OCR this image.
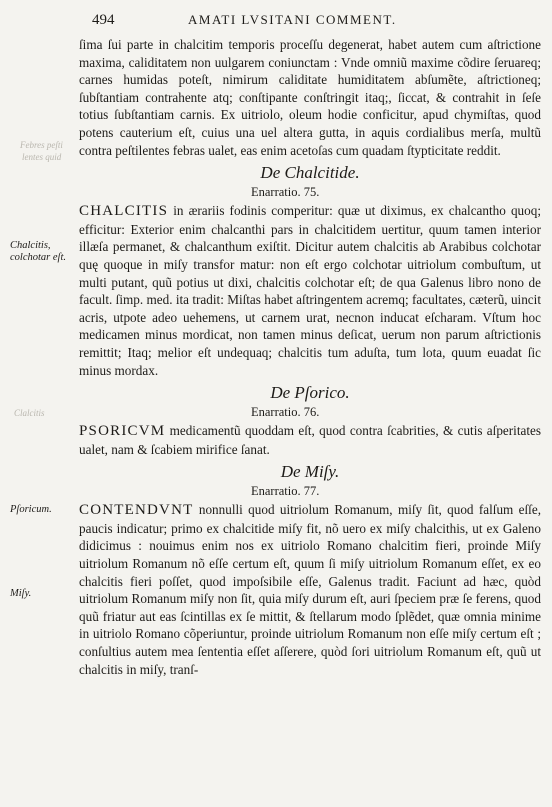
Febres peſti
lentes quid
Clalcitis
494	AMATI LVSITANI COMMENT.
Chalcitis, colchotar eſt.
Pſoricum.
Miſy.

ſima ſui parte in chalcitim temporis proceſſu degenerat, habet autem cum aſtrictione maxima, caliditatem non uulgarem coniunctam : Vnde omniũ maxime cõdire ſeruareq; carnes humidas poteſt, nimirum caliditate humiditatem abſumẽte, aſtrictioneq; ſubſtantiam contrahente atq; conſtipante conſtringit itaq;, ſiccat, & contrahit in ſeſe totius ſubſtantiam carnis. Ex uitriolo, oleum hodie conficitur, apud chymiſtas, quod potens cauterium eſt, cuius una uel altera gutta, in aquis cordialibus merſa, multũ contra peſtilentes febras ualet, eas enim acetoſas cum quadam ſtypticitate reddit.

De Chalcitide.
Enarratio. 75.

CHALCITIS in ærariis fodinis comperitur: quæ ut diximus, ex chalcantho quoq; efficitur: Exterior enim chalcanthi pars in chalcitidem uertitur, quum tamen interior illæſa permanet, & chalcanthum exiſtit. Dicitur autem chalcitis ab Arabibus colchotar quę quoque in miſy transfor matur: non eſt ergo colchotar uitriolum combuſtum, ut multi putant, quũ potius ut dixi, chalcitis colchotar eſt; de qua Galenus libro nono de facult. ſimp. med. ita tradit: Miſtas habet aſtringentem acremq; facultates, cæterũ, uincit acris, utpote adeo uehemens, ut carnem urat, necnon inducat eſcharam. Vſtum hoc medicamen minus mordicat, non tamen minus deſicat, uerum non parum aſtrictionis remittit; Itaq; melior eſt undequaq; chalcitis tum aduſta, tum lota, quum euadat ſic minus mordax.

De Pſorico.
Enarratio. 76.

PSORICVM medicamentũ quoddam eſt, quod contra ſcabrities, & cutis aſperitates ualet, nam & ſcabiem mirifice ſanat.

De Miſy.
Enarratio. 77.

CONTENDVNT nonnulli quod uitriolum Romanum, miſy ſit, quod falſum eſſe, paucis indicatur; primo ex chalcitide miſy fit, nõ uero ex miſy chalcithis, ut ex Galeno didicimus : nouimus enim nos ex uitriolo Romano chalcitim fieri, proinde Miſy uitriolum Romanum nõ eſſe certum eſt, quum ſi miſy uitriolum Romanum eſſet, ex eo chalcitis fieri poſſet, quod impoſsibile eſſe, Galenus tradit. Faciunt ad hæc, quòd uitriolum Romanum miſy non ſit, quia miſy durum eſt, auri ſpeciem præ ſe ferens, quod quũ friatur aut eas ſcintillas ex ſe mittit, & ſtellarum modo ſplẽdet, quæ omnia minime in uitriolo Romano cõperiuntur, proinde uitriolum Romanum non eſſe miſy certum eſt ; conſultius autem mea ſententia eſſet aſſerere, quòd ſori uitriolum Romanum eſt, quũ ut chalcitis in miſy, tranſ-
